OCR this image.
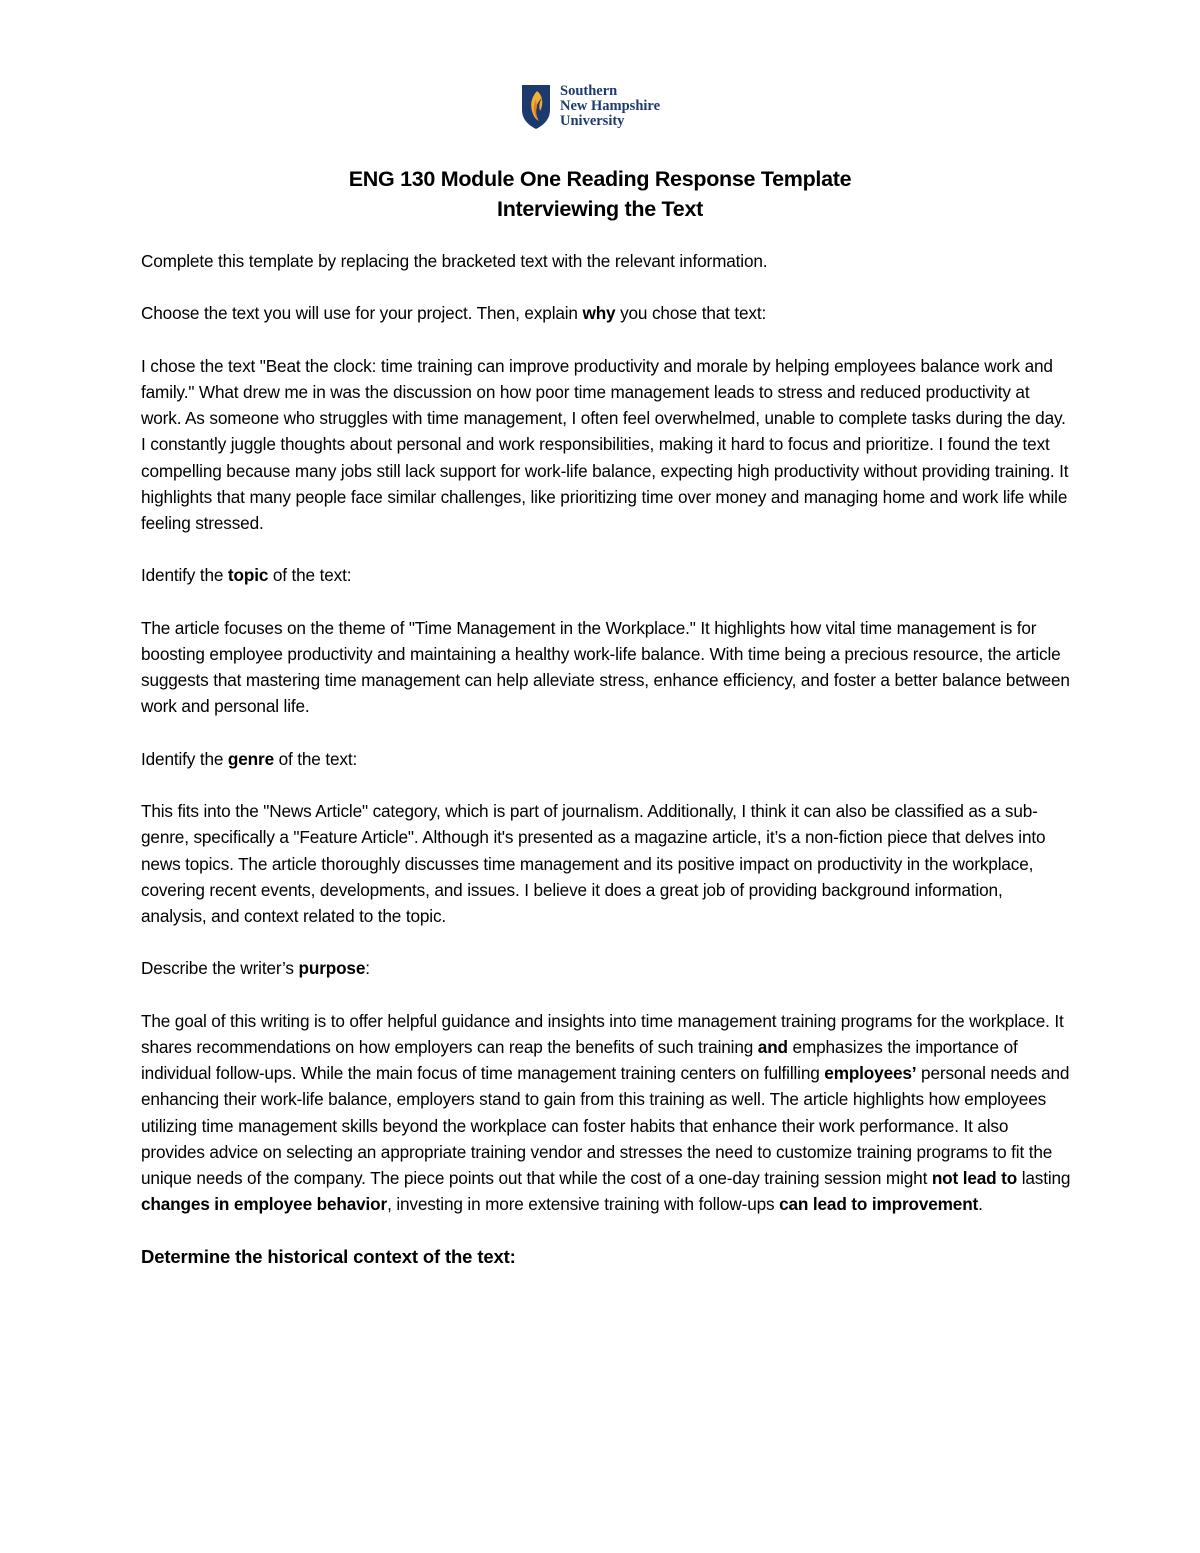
Southern
New Hampshire
University
ENG 130 Module One Reading Response Template
Interviewing the Text

Complete this template by replacing the bracketed text with the relevant information.

Choose the text you will use for your project. Then, explain why you chose that text:

I chose the text "Beat the clock: time training can improve productivity and morale by helping employees balance work and family." What drew me in was the discussion on how poor time management leads to stress and reduced productivity at work. As someone who struggles with time management, I often feel overwhelmed, unable to complete tasks during the day. I constantly juggle thoughts about personal and work responsibilities, making it hard to focus and prioritize. I found the text compelling because many jobs still lack support for work-life balance, expecting high productivity without providing training. It highlights that many people face similar challenges, like prioritizing time over money and managing home and work life while feeling stressed.

Identify the topic of the text:

The article focuses on the theme of "Time Management in the Workplace." It highlights how vital time management is for boosting employee productivity and maintaining a healthy work-life balance. With time being a precious resource, the article suggests that mastering time management can help alleviate stress, enhance efficiency, and foster a better balance between work and personal life.

Identify the genre of the text:

This fits into the "News Article" category, which is part of journalism. Additionally, I think it can also be classified as a sub-genre, specifically a "Feature Article". Although it's presented as a magazine article, it’s a non-fiction piece that delves into news topics. The article thoroughly discusses time management and its positive impact on productivity in the workplace, covering recent events, developments, and issues. I believe it does a great job of providing background information, analysis, and context related to the topic.

Describe the writer’s purpose:

The goal of this writing is to offer helpful guidance and insights into time management training programs for the workplace. It shares recommendations on how employers can reap the benefits of such training and emphasizes the importance of individual follow-ups. While the main focus of time management training centers on fulfilling employees’ personal needs and enhancing their work-life balance, employers stand to gain from this training as well. The article highlights how employees utilizing time management skills beyond the workplace can foster habits that enhance their work performance. It also provides advice on selecting an appropriate training vendor and stresses the need to customize training programs to fit the unique needs of the company. The piece points out that while the cost of a one-day training session might not lead to lasting changes in employee behavior, investing in more extensive training with follow-ups can lead to improvement.

Determine the historical context of the text:
